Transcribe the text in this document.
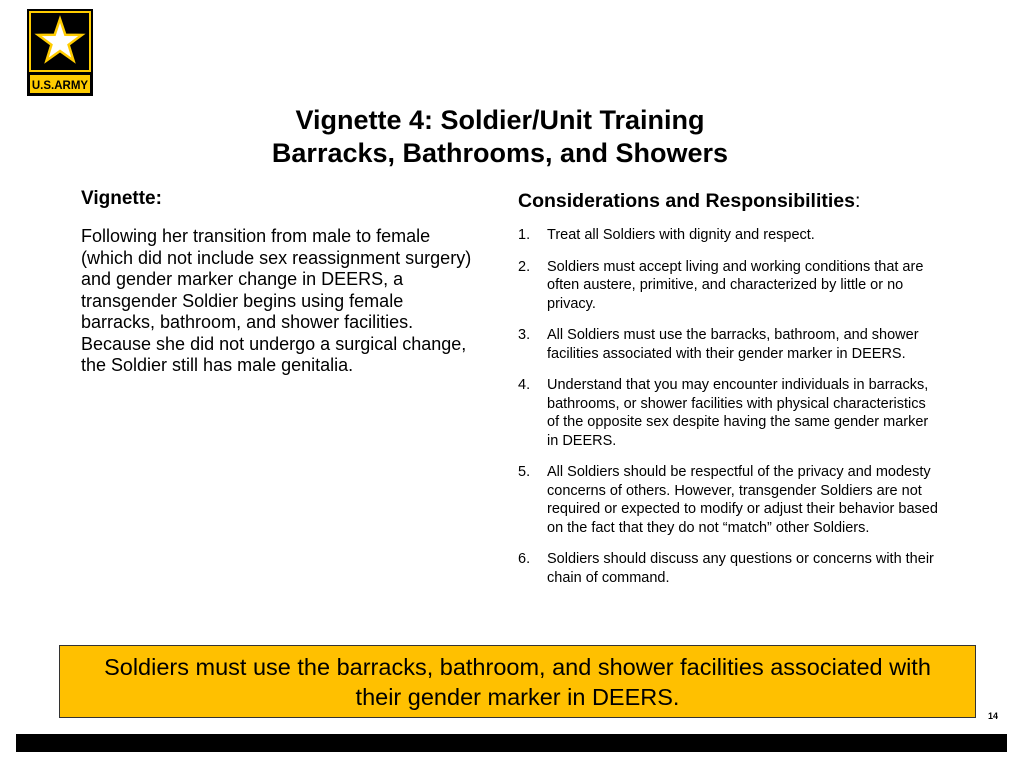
U.S.ARMY
Vignette 4: Soldier/Unit Training
Barracks, Bathrooms, and Showers
Vignette:

Following her transition from male to female (which did not include sex reassignment surgery) and gender marker change in DEERS, a transgender Soldier begins using female barracks, bathroom, and shower facilities. Because she did not undergo a surgical change, the Soldier still has male genitalia.

Considerations and Responsibilities:
1. Treat all Soldiers with dignity and respect.
2. Soldiers must accept living and working conditions that are often austere, primitive, and characterized by little or no privacy.
3. All Soldiers must use the barracks, bathroom, and shower facilities associated with their gender marker in DEERS.
4. Understand that you may encounter individuals in barracks, bathrooms, or shower facilities with physical characteristics of the opposite sex despite having the same gender marker in DEERS.
5. All Soldiers should be respectful of the privacy and modesty concerns of others. However, transgender Soldiers are not required or expected to modify or adjust their behavior based on the fact that they do not “match” other Soldiers.
6. Soldiers should discuss any questions or concerns with their chain of command.
Soldiers must use the barracks, bathroom, and shower facilities associated with their gender marker in DEERS.
14
